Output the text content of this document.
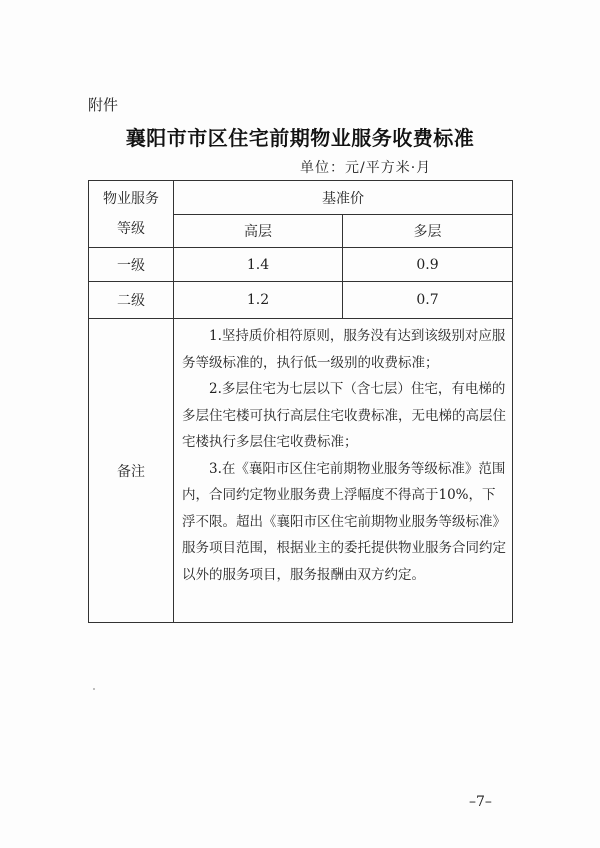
附件
襄阳市市区住宅前期物业服务收费标准
单位：元/平方米·月
物业服务
等级	基准价	
	高层	多层
一级	1.4	0.9
二级	1.2	0.7
备注	1.坚持质价相符原则，服务没有达到该级别对应服务等级标准的，执行低一级别的收费标准；

2.多层住宅为七层以下（含七层）住宅，有电梯的多层住宅楼可执行高层住宅收费标准，无电梯的高层住宅楼执行多层住宅收费标准；

3.在《襄阳市区住宅前期物业服务等级标准》范围内，合同约定物业服务费上浮幅度不得高于10%，下浮不限。超出《襄阳市区住宅前期物业服务等级标准》服务项目范围，根据业主的委托提供物业服务合同约定以外的服务项目，服务报酬由双方约定。	

–7–
